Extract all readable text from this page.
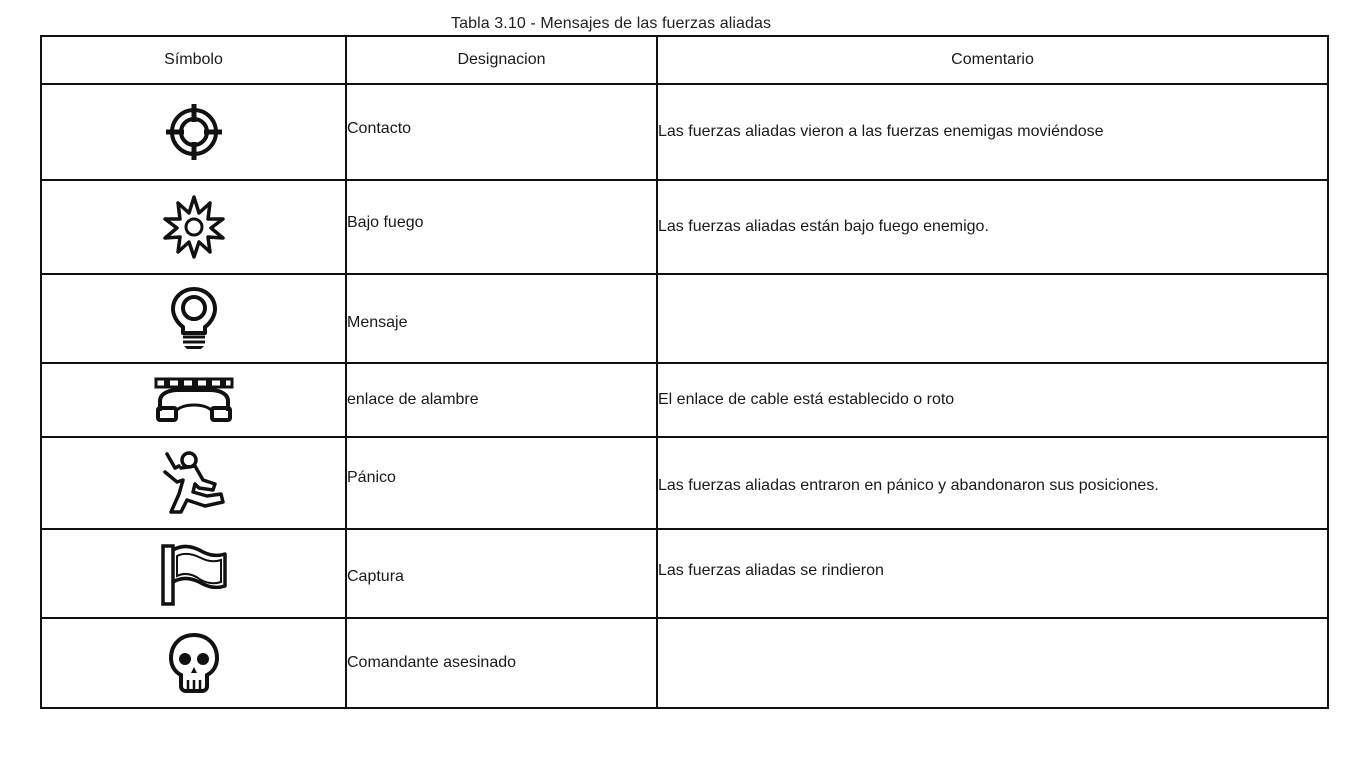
Tabla 3.10 - Mensajes de las fuerzas aliadas
Símbolo	Designacion	Comentario

	Contacto	Las fuerzas aliadas vieron a las fuerzas enemigas moviéndose

	Bajo fuego	Las fuerzas aliadas están bajo fuego enemigo.

	Mensaje	

	enlace de alambre	El enlace de cable está establecido o roto

	Pánico	Las fuerzas aliadas entraron en pánico y abandonaron sus posiciones.

	Captura	Las fuerzas aliadas se rindieron

	Comandante asesinado	
